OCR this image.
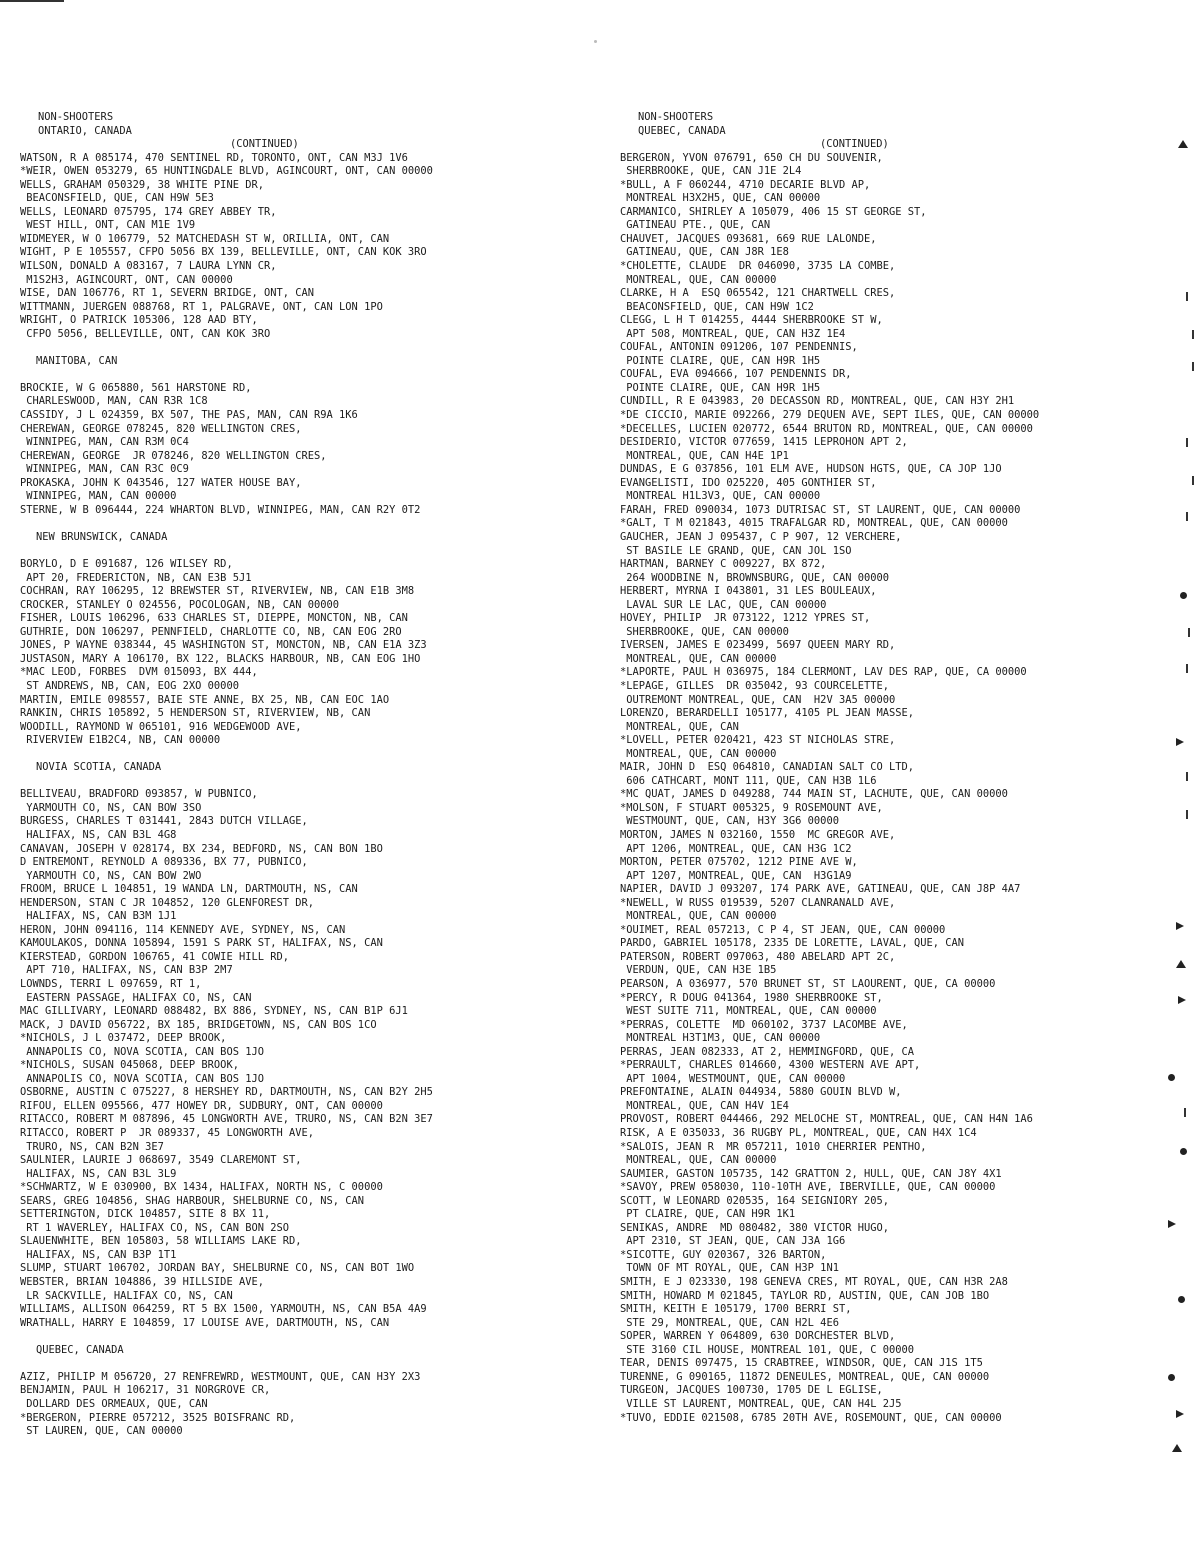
NON-SHOOTERS
ONTARIO, CANADA
(CONTINUED)
WATSON, R A 085174, 470 SENTINEL RD, TORONTO, ONT, CAN M3J 1V6
*WEIR, OWEN 053279, 65 HUNTINGDALE BLVD, AGINCOURT, ONT, CAN 00000
WELLS, GRAHAM 050329, 38 WHITE PINE DR,
BEACONSFIELD, QUE, CAN H9W 5E3
WELLS, LEONARD 075795, 174 GREY ABBEY TR,
WEST HILL, ONT, CAN M1E 1V9
WIDMEYER, W O 106779, 52 MATCHEDASH ST W, ORILLIA, ONT, CAN
WIGHT, P E 105557, CFPO 5056 BX 139, BELLEVILLE, ONT, CAN KOK 3RO
WILSON, DONALD A 083167, 7 LAURA LYNN CR,
M1S2H3, AGINCOURT, ONT, CAN 00000
WISE, DAN 106776, RT 1, SEVERN BRIDGE, ONT, CAN
WITTMANN, JUERGEN 088768, RT 1, PALGRAVE, ONT, CAN LON 1PO
WRIGHT, O PATRICK 105306, 128 AAD BTY,
CFPO 5056, BELLEVILLE, ONT, CAN KOK 3RO
MANITOBA, CAN
BROCKIE, W G 065880, 561 HARSTONE RD,
CHARLESWOOD, MAN, CAN R3R 1C8
CASSIDY, J L 024359, BX 507, THE PAS, MAN, CAN R9A 1K6
CHEREWAN, GEORGE 078245, 820 WELLINGTON CRES,
WINNIPEG, MAN, CAN R3M 0C4
CHEREWAN, GEORGE  JR 078246, 820 WELLINGTON CRES,
WINNIPEG, MAN, CAN R3C 0C9
PROKASKA, JOHN K 043546, 127 WATER HOUSE BAY,
WINNIPEG, MAN, CAN 00000
STERNE, W B 096444, 224 WHARTON BLVD, WINNIPEG, MAN, CAN R2Y 0T2
NEW BRUNSWICK, CANADA
BORYLO, D E 091687, 126 WILSEY RD,
APT 20, FREDERICTON, NB, CAN E3B 5J1
COCHRAN, RAY 106295, 12 BREWSTER ST, RIVERVIEW, NB, CAN E1B 3M8
CROCKER, STANLEY O 024556, POCOLOGAN, NB, CAN 00000
FISHER, LOUIS 106296, 633 CHARLES ST, DIEPPE, MONCTON, NB, CAN
GUTHRIE, DON 106297, PENNFIELD, CHARLOTTE CO, NB, CAN EOG 2RO
JONES, P WAYNE 038344, 45 WASHINGTON ST, MONCTON, NB, CAN E1A 3Z3
JUSTASON, MARY A 106170, BX 122, BLACKS HARBOUR, NB, CAN EOG 1HO
*MAC LEOD, FORBES  DVM 015093, BX 444,
ST ANDREWS, NB, CAN, EOG 2XO 00000
MARTIN, EMILE 098557, BAIE STE ANNE, BX 25, NB, CAN EOC 1AO
RANKIN, CHRIS 105892, 5 HENDERSON ST, RIVERVIEW, NB, CAN
WOODILL, RAYMOND W 065101, 916 WEDGEWOOD AVE,
RIVERVIEW E1B2C4, NB, CAN 00000
NOVIA SCOTIA, CANADA
BELLIVEAU, BRADFORD 093857, W PUBNICO,
YARMOUTH CO, NS, CAN BOW 3SO
BURGESS, CHARLES T 031441, 2843 DUTCH VILLAGE,
HALIFAX, NS, CAN B3L 4G8
CANAVAN, JOSEPH V 028174, BX 234, BEDFORD, NS, CAN BON 1BO
D ENTREMONT, REYNOLD A 089336, BX 77, PUBNICO,
YARMOUTH CO, NS, CAN BOW 2WO
FROOM, BRUCE L 104851, 19 WANDA LN, DARTMOUTH, NS, CAN
HENDERSON, STAN C JR 104852, 120 GLENFOREST DR,
HALIFAX, NS, CAN B3M 1J1
HERON, JOHN 094116, 114 KENNEDY AVE, SYDNEY, NS, CAN
KAMOULAKOS, DONNA 105894, 1591 S PARK ST, HALIFAX, NS, CAN
KIERSTEAD, GORDON 106765, 41 COWIE HILL RD,
APT 710, HALIFAX, NS, CAN B3P 2M7
LOWNDS, TERRI L 097659, RT 1,
EASTERN PASSAGE, HALIFAX CO, NS, CAN
MAC GILLIVARY, LEONARD 088482, BX 886, SYDNEY, NS, CAN B1P 6J1
MACK, J DAVID 056722, BX 185, BRIDGETOWN, NS, CAN BOS 1CO
*NICHOLS, J L 037472, DEEP BROOK,
ANNAPOLIS CO, NOVA SCOTIA, CAN BOS 1JO
*NICHOLS, SUSAN 045068, DEEP BROOK,
ANNAPOLIS CO, NOVA SCOTIA, CAN BOS 1JO
OSBORNE, AUSTIN C 075227, 8 HERSHEY RD, DARTMOUTH, NS, CAN B2Y 2H5
RIFOU, ELLEN 095566, 477 HOWEY DR, SUDBURY, ONT, CAN 00000
RITACCO, ROBERT M 087896, 45 LONGWORTH AVE, TRURO, NS, CAN B2N 3E7
RITACCO, ROBERT P  JR 089337, 45 LONGWORTH AVE,
TRURO, NS, CAN B2N 3E7
SAULNIER, LAURIE J 068697, 3549 CLAREMONT ST,
HALIFAX, NS, CAN B3L 3L9
*SCHWARTZ, W E 030900, BX 1434, HALIFAX, NORTH NS, C 00000
SEARS, GREG 104856, SHAG HARBOUR, SHELBURNE CO, NS, CAN
SETTERINGTON, DICK 104857, SITE 8 BX 11,
RT 1 WAVERLEY, HALIFAX CO, NS, CAN BON 2SO
SLAUENWHITE, BEN 105803, 58 WILLIAMS LAKE RD,
HALIFAX, NS, CAN B3P 1T1
SLUMP, STUART 106702, JORDAN BAY, SHELBURNE CO, NS, CAN BOT 1WO
WEBSTER, BRIAN 104886, 39 HILLSIDE AVE,
LR SACKVILLE, HALIFAX CO, NS, CAN
WILLIAMS, ALLISON 064259, RT 5 BX 1500, YARMOUTH, NS, CAN B5A 4A9
WRATHALL, HARRY E 104859, 17 LOUISE AVE, DARTMOUTH, NS, CAN
QUEBEC, CANADA
AZIZ, PHILIP M 056720, 27 RENFREWRD, WESTMOUNT, QUE, CAN H3Y 2X3
BENJAMIN, PAUL H 106217, 31 NORGROVE CR,
DOLLARD DES ORMEAUX, QUE, CAN
*BERGERON, PIERRE 057212, 3525 BOISFRANC RD,
ST LAUREN, QUE, CAN 00000
NON-SHOOTERS
QUEBEC, CANADA
(CONTINUED)
BERGERON, YVON 076791, 650 CH DU SOUVENIR,
SHERBROOKE, QUE, CAN J1E 2L4
*BULL, A F 060244, 4710 DECARIE BLVD AP,
MONTREAL H3X2H5, QUE, CAN 00000
CARMANICO, SHIRLEY A 105079, 406 15 ST GEORGE ST,
GATINEAU PTE., QUE, CAN
CHAUVET, JACQUES 093681, 669 RUE LALONDE,
GATINEAU, QUE, CAN J8R 1E8
*CHOLETTE, CLAUDE  DR 046090, 3735 LA COMBE,
MONTREAL, QUE, CAN 00000
CLARKE, H A  ESQ 065542, 121 CHARTWELL CRES,
BEACONSFIELD, QUE, CAN H9W 1C2
CLEGG, L H T 014255, 4444 SHERBROOKE ST W,
APT 508, MONTREAL, QUE, CAN H3Z 1E4
COUFAL, ANTONIN 091206, 107 PENDENNIS,
POINTE CLAIRE, QUE, CAN H9R 1H5
COUFAL, EVA 094666, 107 PENDENNIS DR,
POINTE CLAIRE, QUE, CAN H9R 1H5
CUNDILL, R E 043983, 20 DECASSON RD, MONTREAL, QUE, CAN H3Y 2H1
*DE CICCIO, MARIE 092266, 279 DEQUEN AVE, SEPT ILES, QUE, CAN 00000
*DECELLES, LUCIEN 020772, 6544 BRUTON RD, MONTREAL, QUE, CAN 00000
DESIDERIO, VICTOR 077659, 1415 LEPROHON APT 2,
MONTREAL, QUE, CAN H4E 1P1
DUNDAS, E G 037856, 101 ELM AVE, HUDSON HGTS, QUE, CA JOP 1JO
EVANGELISTI, IDO 025220, 405 GONTHIER ST,
MONTREAL H1L3V3, QUE, CAN 00000
FARAH, FRED 090034, 1073 DUTRISAC ST, ST LAURENT, QUE, CAN 00000
*GALT, T M 021843, 4015 TRAFALGAR RD, MONTREAL, QUE, CAN 00000
GAUCHER, JEAN J 095437, C P 907, 12 VERCHERE,
ST BASILE LE GRAND, QUE, CAN JOL 1SO
HARTMAN, BARNEY C 009227, BX 872,
264 WOODBINE N, BROWNSBURG, QUE, CAN 00000
HERBERT, MYRNA I 043801, 31 LES BOULEAUX,
LAVAL SUR LE LAC, QUE, CAN 00000
HOVEY, PHILIP  JR 073122, 1212 YPRES ST,
SHERBROOKE, QUE, CAN 00000
IVERSEN, JAMES E 023499, 5697 QUEEN MARY RD,
MONTREAL, QUE, CAN 00000
*LAPORTE, PAUL H 036975, 184 CLERMONT, LAV DES RAP, QUE, CA 00000
*LEPAGE, GILLES  DR 035042, 93 COURCELETTE,
OUTREMONT MONTREAL, QUE, CAN  H2V 3A5 00000
LORENZO, BERARDELLI 105177, 4105 PL JEAN MASSE,
MONTREAL, QUE, CAN
*LOVELL, PETER 020421, 423 ST NICHOLAS STRE,
MONTREAL, QUE, CAN 00000
MAIR, JOHN D  ESQ 064810, CANADIAN SALT CO LTD,
606 CATHCART, MONT 111, QUE, CAN H3B 1L6
*MC QUAT, JAMES D 049288, 744 MAIN ST, LACHUTE, QUE, CAN 00000
*MOLSON, F STUART 005325, 9 ROSEMOUNT AVE,
WESTMOUNT, QUE, CAN, H3Y 3G6 00000
MORTON, JAMES N 032160, 1550  MC GREGOR AVE,
APT 1206, MONTREAL, QUE, CAN H3G 1C2
MORTON, PETER 075702, 1212 PINE AVE W,
APT 1207, MONTREAL, QUE, CAN  H3G1A9
NAPIER, DAVID J 093207, 174 PARK AVE, GATINEAU, QUE, CAN J8P 4A7
*NEWELL, W RUSS 019539, 5207 CLANRANALD AVE,
MONTREAL, QUE, CAN 00000
*OUIMET, REAL 057213, C P 4, ST JEAN, QUE, CAN 00000
PARDO, GABRIEL 105178, 2335 DE LORETTE, LAVAL, QUE, CAN
PATERSON, ROBERT 097063, 480 ABELARD APT 2C,
VERDUN, QUE, CAN H3E 1B5
PEARSON, A 036977, 570 BRUNET ST, ST LAOURENT, QUE, CA 00000
*PERCY, R DOUG 041364, 1980 SHERBROOKE ST,
WEST SUITE 711, MONTREAL, QUE, CAN 00000
*PERRAS, COLETTE  MD 060102, 3737 LACOMBE AVE,
MONTREAL H3T1M3, QUE, CAN 00000
PERRAS, JEAN 082333, AT 2, HEMMINGFORD, QUE, CA
*PERRAULT, CHARLES 014660, 4300 WESTERN AVE APT,
APT 1004, WESTMOUNT, QUE, CAN 00000
PREFONTAINE, ALAIN 044934, 5880 GOUIN BLVD W,
MONTREAL, QUE, CAN H4V 1E4
PROVOST, ROBERT 044466, 292 MELOCHE ST, MONTREAL, QUE, CAN H4N 1A6
RISK, A E 035033, 36 RUGBY PL, MONTREAL, QUE, CAN H4X 1C4
*SALOIS, JEAN R  MR 057211, 1010 CHERRIER PENTHO,
MONTREAL, QUE, CAN 00000
SAUMIER, GASTON 105735, 142 GRATTON 2, HULL, QUE, CAN J8Y 4X1
*SAVOY, PREW 058030, 110-10TH AVE, IBERVILLE, QUE, CAN 00000
SCOTT, W LEONARD 020535, 164 SEIGNIORY 205,
PT CLAIRE, QUE, CAN H9R 1K1
SENIKAS, ANDRE  MD 080482, 380 VICTOR HUGO,
APT 2310, ST JEAN, QUE, CAN J3A 1G6
*SICOTTE, GUY 020367, 326 BARTON,
TOWN OF MT ROYAL, QUE, CAN H3P 1N1
SMITH, E J 023330, 198 GENEVA CRES, MT ROYAL, QUE, CAN H3R 2A8
SMITH, HOWARD M 021845, TAYLOR RD, AUSTIN, QUE, CAN JOB 1BO
SMITH, KEITH E 105179, 1700 BERRI ST,
STE 29, MONTREAL, QUE, CAN H2L 4E6
SOPER, WARREN Y 064809, 630 DORCHESTER BLVD,
STE 3160 CIL HOUSE, MONTREAL 101, QUE, C 00000
TEAR, DENIS 097475, 15 CRABTREE, WINDSOR, QUE, CAN J1S 1T5
TURENNE, G 090165, 11872 DENEULES, MONTREAL, QUE, CAN 00000
TURGEON, JACQUES 100730, 1705 DE L EGLISE,
VILLE ST LAURENT, MONTREAL, QUE, CAN H4L 2J5
*TUVO, EDDIE 021508, 6785 20TH AVE, ROSEMOUNT, QUE, CAN 00000
